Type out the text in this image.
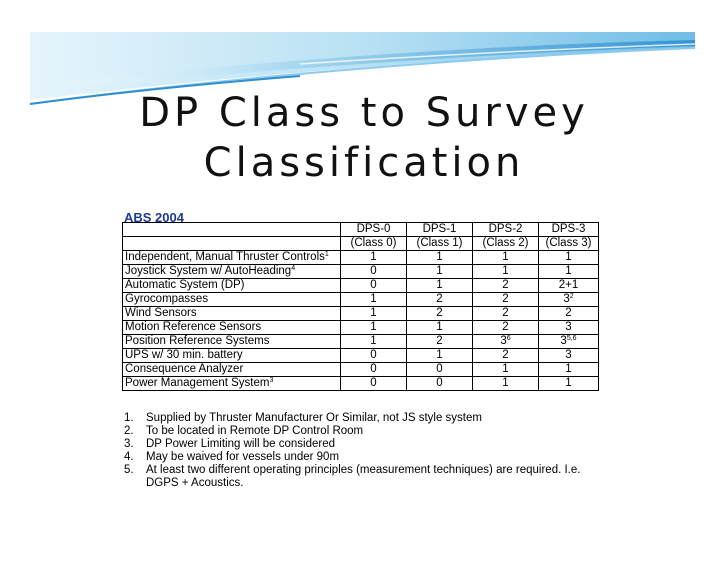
DP Class to Survey
Classification
ABS 2004
	DPS-0	DPS-1	DPS-2	DPS-3
	(Class 0)	(Class 1)	(Class 2)	(Class 3)
Independent, Manual Thruster Controls$^1$	1	1	1	1
Joystick System w/ AutoHeading$^4$	0	1	1	1
Automatic System (DP)	0	1	2	2+1
Gyrocompasses	1	2	2	$3^2$
Wind Sensors	1	2	2	2
Motion Reference Sensors	1	1	2	3
Position Reference Systems	1	2	$3^6$	3$^{5,6}$
UPS w/ 30 min. battery	0	1	2	3
Consequence Analyzer	0	0	1	1
Power Management System$^3$	0	0	1	1
1. Supplied by Thruster Manufacturer Or Similar, not JS style system
2. To be located in Remote DP Control Room
3. DP Power Limiting will be considered
4. May be waived for vessels under 90m
5. At least two different operating principles (measurement techniques) are required. I.e. DGPS + Acoustics.
